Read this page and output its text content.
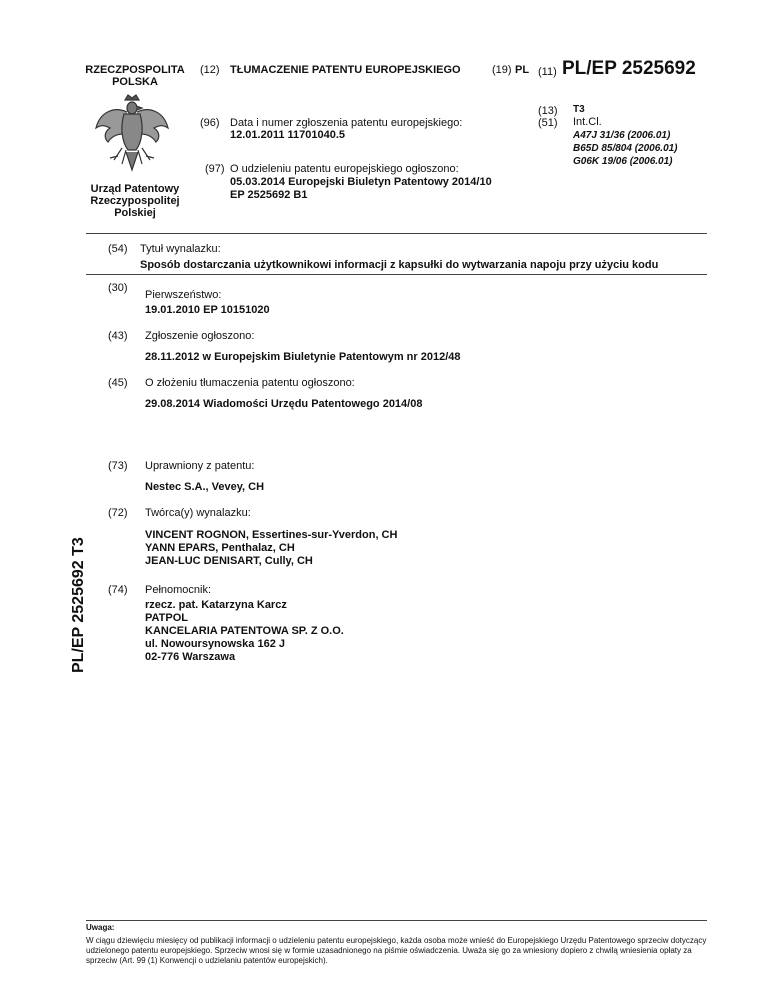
RZECZPOSPOLITA
POLSKA
Urząd Patentowy
Rzeczypospolitej
Polskiej
(12) TŁUMACZENIE PATENTU EUROPEJSKIEGO	(19) PL (11) PL/EP 2525692
(13) T3
(51) Int.Cl.
A47J 31/36 (2006.01)
B65D 85/804 (2006.01)
G06K 19/06 (2006.01)
(96) Data i numer zgłoszenia patentu europejskiego:
12.01.2011 11701040.5
(97) O udzieleniu patentu europejskiego ogłoszono:
05.03.2014 Europejski Biuletyn Patentowy 2014/10
EP 2525692 B1
(54) Tytuł wynalazku:
Sposób dostarczania użytkownikowi informacji z kapsułki do wytwarzania napoju przy użyciu kodu
(30)
Pierwszeństwo:
19.01.2010 EP 10151020
(43) Zgłoszenie ogłoszono:
28.11.2012 w Europejskim Biuletynie Patentowym nr 2012/48
(45) O złożeniu tłumaczenia patentu ogłoszono:
29.08.2014 Wiadomości Urzędu Patentowego 2014/08
(73) Uprawniony z patentu:
Nestec S.A., Vevey, CH
(72) Twórca(y) wynalazku:
VINCENT ROGNON, Essertines-sur-Yverdon, CH
YANN EPARS, Penthalaz, CH
JEAN-LUC DENISART, Cully, CH
(74) Pełnomocnik:
rzecz. pat. Katarzyna Karcz
PATPOL
KANCELARIA PATENTOWA SP. Z O.O.
ul. Nowoursynowska 162 J
02-776 Warszawa
PL/EP 2525692 T3
Uwaga:
W ciągu dziewięciu miesięcy od publikacji informacji o udzieleniu patentu europejskiego, każda osoba może wnieść do Europejskiego Urzędu Patentowego sprzeciw dotyczący udzielonego patentu europejskiego. Sprzeciw wnosi się w formie uzasadnionego na piśmie oświadczenia. Uważa się go za wniesiony dopiero z chwilą wniesienia opłaty za sprzeciw (Art. 99 (1) Konwencji o udzielaniu patentów europejskich).
